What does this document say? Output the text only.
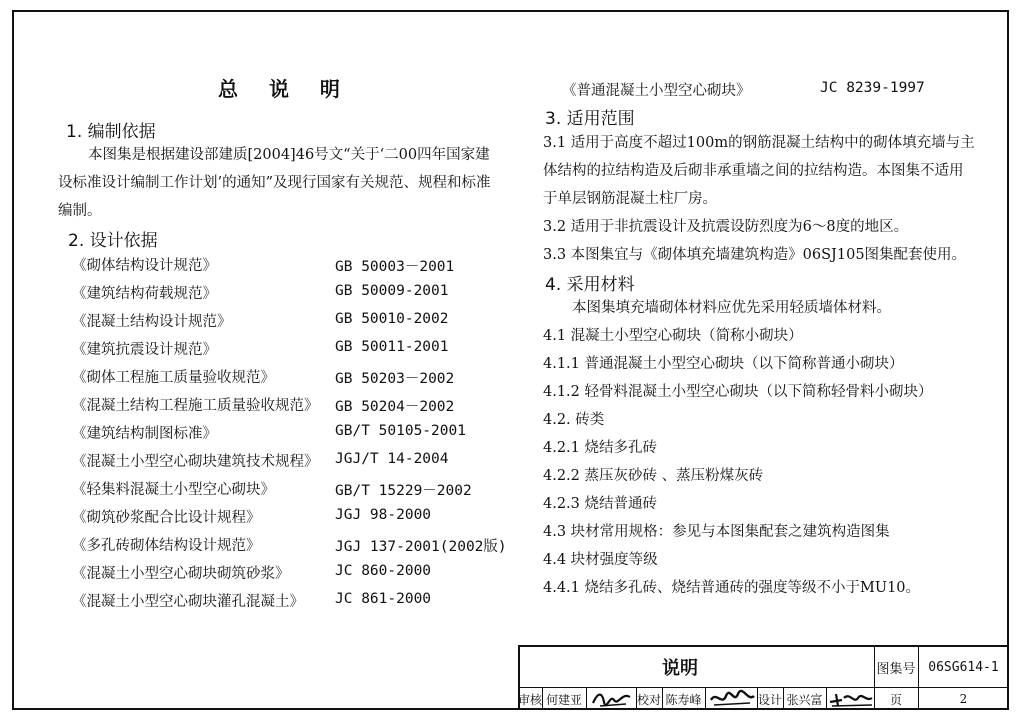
总 说 明
1. 编制依据
本图集是根据建设部建质[2004]46号文“关于‘二00四年国家建
设标准设计编制工作计划’的通知”及现行国家有关规范、规程和标准
编制。
2. 设计依据
《砌体结构设计规范》	GB 50003－2001
《建筑结构荷载规范》	GB 50009-2001
《混凝土结构设计规范》	GB 50010-2002
《建筑抗震设计规范》	GB 50011-2001
《砌体工程施工质量验收规范》	GB 50203－2002
《混凝土结构工程施工质量验收规范》 GB 50204－2002
《建筑结构制图标准》	GB/T 50105-2001
《混凝土小型空心砌块建筑技术规程》 JGJ/T 14-2004
《轻集料混凝土小型空心砌块》	GB/T 15229－2002
《砌筑砂浆配合比设计规程》	JGJ 98-2000
《多孔砖砌体结构设计规范》	JGJ 137-2001(2002版)
《混凝土小型空心砌块砌筑砂浆》	JC 860-2000
《混凝土小型空心砌块灌孔混凝土》 JC 861-2000
《普通混凝土小型空心砌块》	JC 8239-1997
3. 适用范围
3.1 适用于高度不超过100m的钢筋混凝土结构中的砌体填充墙与主
体结构的拉结构造及后砌非承重墙之间的拉结构造。本图集不适用
于单层钢筋混凝土柱厂房。
3.2 适用于非抗震设计及抗震设防烈度为6～8度的地区。
3.3 本图集宜与《砌体填充墙建筑构造》06SJ105图集配套使用。
4. 采用材料
本图集填充墙砌体材料应优先采用轻质墙体材料。
4.1 混凝土小型空心砌块（简称小砌块）
4.1.1 普通混凝土小型空心砌块（以下简称普通小砌块）
4.1.2 轻骨料混凝土小型空心砌块（以下简称轻骨料小砌块）
4.2. 砖类
4.2.1 烧结多孔砖
4.2.2 蒸压灰砂砖 、蒸压粉煤灰砖
4.2.3 烧结普通砖
4.3 块材常用规格：参见与本图集配套之建筑构造图集
4.4 块材强度等级
4.4.1 烧结多孔砖、烧结普通砖的强度等级不小于MU10。
说明	图集号 06SG614-1
审核 何建亚	校对 陈寿峰	设计 张兴富	页	2
